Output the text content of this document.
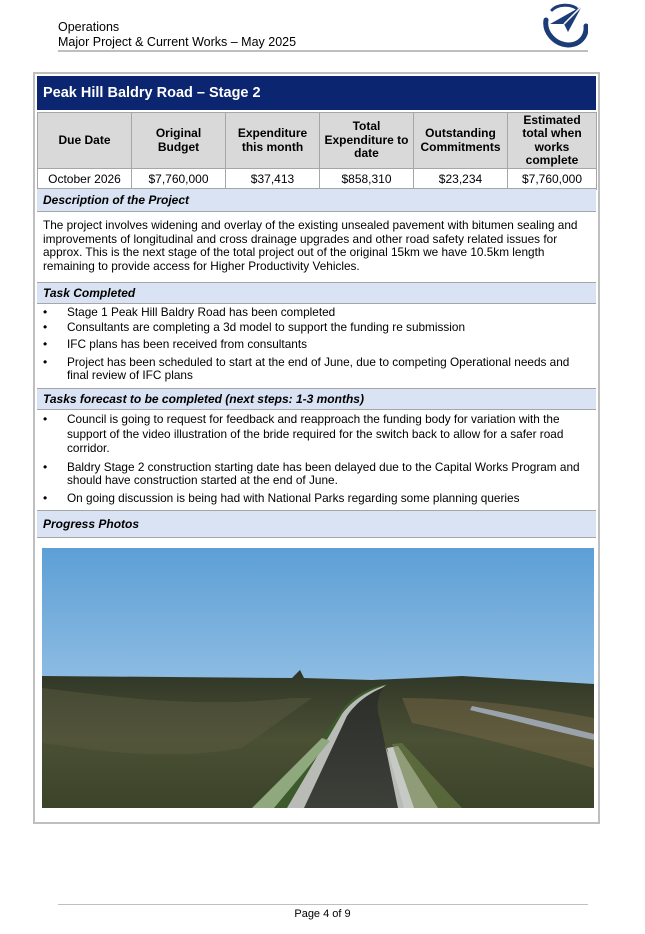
Operations
Major Project & Current Works – May 2025
Peak Hill Baldry Road – Stage 2
Due Date	Original Budget	Expenditure this month	Total Expenditure to date	Outstanding Commitments	Estimated total when works complete
October 2026	$7,760,000	$37,413	$858,310	$23,234	$7,760,000
Description of the Project
The project involves widening and overlay of the existing unsealed pavement with bitumen sealing and improvements of longitudinal and cross drainage upgrades and other road safety related issues for approx. This is the next stage of the total project out of the original 15km we have 10.5km length remaining to provide access for Higher Productivity Vehicles.
Task Completed
• Stage 1 Peak Hill Baldry Road has been completed
• Consultants are completing a 3d model to support the funding re submission
• IFC plans has been received from consultants
• Project has been scheduled to start at the end of June, due to competing Operational needs and final review of IFC plans
Tasks forecast to be completed (next steps: 1-3 months)
• Council is going to request for feedback and reapproach the funding body for variation with the support of the video illustration of the bride required for the switch back to allow for a safer road corridor.
• Baldry Stage 2 construction starting date has been delayed due to the Capital Works Program and should have construction started at the end of June.
• On going discussion is being had with National Parks regarding some planning queries
Progress Photos
Page 4 of 9
